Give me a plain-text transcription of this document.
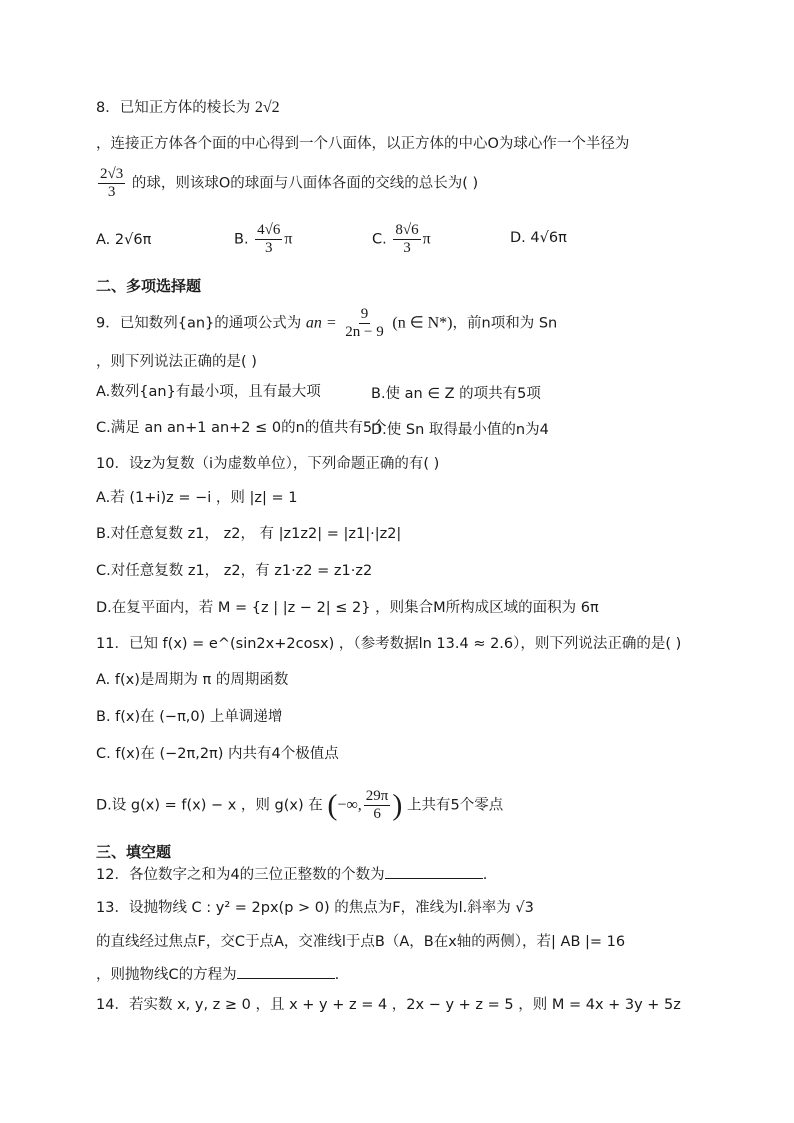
8．已知正方体的棱长为 2√2
，连接正方体各个面的中心得到一个八面体，以正方体的中心O为球心作一个半径为
$\frac{2√3}{3}$ 的球，则该球O的球面与八面体各面的交线的总长为( )
A. 2√6π	B. $\frac{4√6}{3}$ π	C. $\frac{8√6}{3}$ π	D. 4√6π
二、多项选择题
9．已知数列{an}的通项公式为 an = $\frac{9}{2n - 9} (n$ ∈ N*)，前n项和为 Sn
，则下列说法正确的是( )
A.数列{an}有最小项，且有最大项	B.使 an ∈ Z 的项共有5项
C.满足 an an+1 an+2 ≤ 0的n的值共有5个
D.使 Sn 取得最小值的n为4
10．设z为复数（i为虚数单位），下列命题正确的有( )
A.若 (1+i)z = −i ，则 |z| = 1
B.对任意复数 z1， z2， 有 |z1z2| = |z1|·|z2|
C.对任意复数 z1， z2，有 z1·z2 = z1·z2
D.在复平面内，若 M = {z | |z − 2| ≤ 2} ，则集合M所构成区域的面积为 6π
11．已知 f(x) = e^(sin2x+2cosx) ，（参考数据ln 13.4 ≈ 2.6），则下列说法正确的是( )
A. f(x)是周期为 π 的周期函数
B. f(x)在 (−π,0) 上单调递增
C. f(x)在 (−2π,2π) 内共有4个极值点
D.设 g(x) = f(x) − x ，则 g(x) 在 (−∞, $\frac{29\pi}{6}$ ) 上共有5个零点
三、填空题
12．各位数字之和为4的三位正整数的个数为	.
13．设抛物线 C : y² = 2px(p > 0) 的焦点为F，准线为l.斜率为 √3
的直线经过焦点F，交C于点A，交准线l于点B（A，B在x轴的两侧），若| AB |= 16
，则抛物线C的方程为	.
14．若实数 x, y, z ≥ 0 ，且 x + y + z = 4 ，2x − y + z = 5 ，则 M = 4x + 3y + 5z
